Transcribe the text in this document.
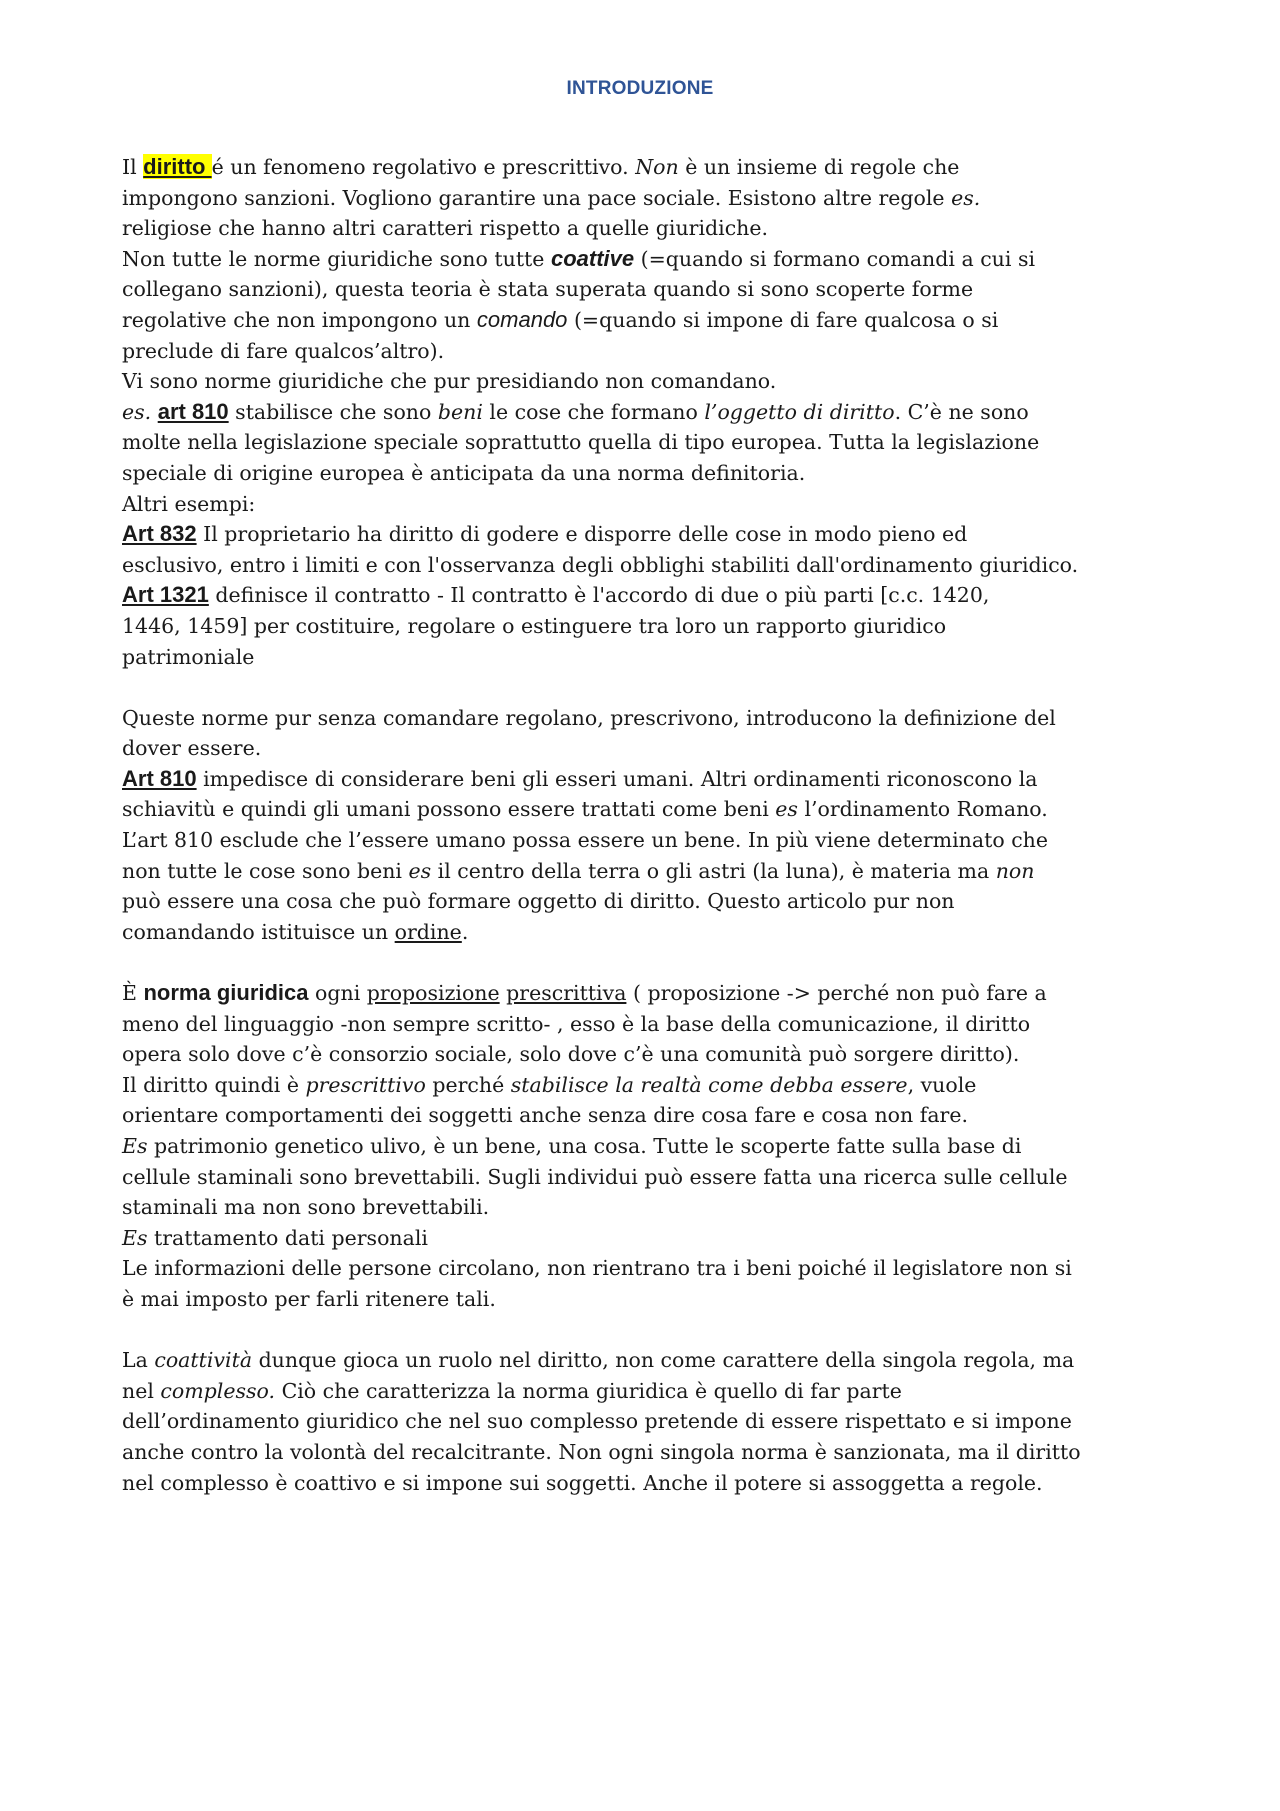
INTRODUZIONE
Il diritto é un fenomeno regolativo e prescrittivo. Non è un insieme di regole che
impongono sanzioni. Vogliono garantire una pace sociale. Esistono altre regole es.
religiose che hanno altri caratteri rispetto a quelle giuridiche.
Non tutte le norme giuridiche sono tutte coattive (=quando si formano comandi a cui si
collegano sanzioni), questa teoria è stata superata quando si sono scoperte forme
regolative che non impongono un comando (=quando si impone di fare qualcosa o si
preclude di fare qualcos’altro).
Vi sono norme giuridiche che pur presidiando non comandano.
es. art 810 stabilisce che sono beni le cose che formano l’oggetto di diritto. C’è ne sono
molte nella legislazione speciale soprattutto quella di tipo europea. Tutta la legislazione
speciale di origine europea è anticipata da una norma definitoria.
Altri esempi:
Art 832 Il proprietario ha diritto di godere e disporre delle cose in modo pieno ed
esclusivo, entro i limiti e con l'osservanza degli obblighi stabiliti dall'ordinamento giuridico.
Art 1321 definisce il contratto - Il contratto è l'accordo di due o più parti [c.c. 1420,
1446, 1459] per costituire, regolare o estinguere tra loro un rapporto giuridico
patrimoniale
Queste norme pur senza comandare regolano, prescrivono, introducono la definizione del
dover essere.
Art 810 impedisce di considerare beni gli esseri umani. Altri ordinamenti riconoscono la
schiavitù e quindi gli umani possono essere trattati come beni es l’ordinamento Romano.
L’art 810 esclude che l’essere umano possa essere un bene. In più viene determinato che
non tutte le cose sono beni es il centro della terra o gli astri (la luna), è materia ma non
può essere una cosa che può formare oggetto di diritto. Questo articolo pur non
comandando istituisce un ordine.
È norma giuridica ogni proposizione prescrittiva ( proposizione -> perché non può fare a
meno del linguaggio -non sempre scritto- , esso è la base della comunicazione, il diritto
opera solo dove c’è consorzio sociale, solo dove c’è una comunità può sorgere diritto).
Il diritto quindi è prescrittivo perché stabilisce la realtà come debba essere, vuole
orientare comportamenti dei soggetti anche senza dire cosa fare e cosa non fare.
Es patrimonio genetico ulivo, è un bene, una cosa. Tutte le scoperte fatte sulla base di
cellule staminali sono brevettabili. Sugli individui può essere fatta una ricerca sulle cellule
staminali ma non sono brevettabili.
Es trattamento dati personali
Le informazioni delle persone circolano, non rientrano tra i beni poiché il legislatore non si
è mai imposto per farli ritenere tali.
La coattività dunque gioca un ruolo nel diritto, non come carattere della singola regola, ma
nel complesso. Ciò che caratterizza la norma giuridica è quello di far parte
dell’ordinamento giuridico che nel suo complesso pretende di essere rispettato e si impone
anche contro la volontà del recalcitrante. Non ogni singola norma è sanzionata, ma il diritto
nel complesso è coattivo e si impone sui soggetti. Anche il potere si assoggetta a regole.
